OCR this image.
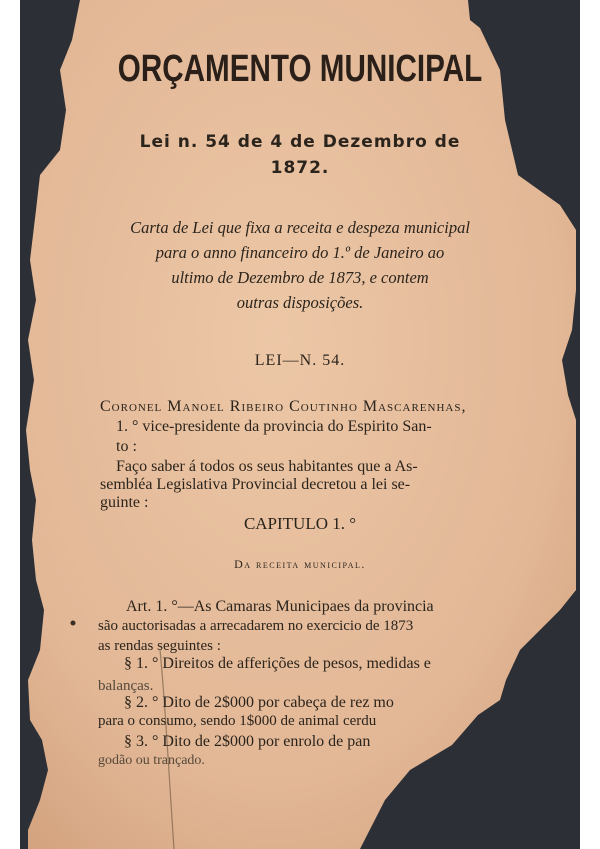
ORÇAMENTO MUNICIPAL
Lei n. 54 de 4 de Dezembro de
1872.
Carta de Lei que fixa a receita e despeza municipal
para o anno financeiro do 1.º de Janeiro ao
ultimo de Dezembro de 1873, e contem
outras disposições.
LEI—N. 54.
Coronel Manoel Ribeiro Coutinho Mascarenhas,
1. ° vice-presidente da provincia do Espirito San-
to :
Faço saber á todos os seus habitantes que a As-
sembléa Legislativa Provincial decretou a lei se-
guinte :
CAPITULO 1. °
Da receita municipal.
Art. 1. °—As Camaras Municipaes da provincia
são auctorisadas a arrecadarem no exercicio de 1873
as rendas seguintes :
§ 1. ° Direitos de afferições de pesos, medidas e
balanças.
§ 2. ° Dito de 2$000 por cabeça de rez mo
para o consumo, sendo 1$000 de animal cerdu
§ 3. ° Dito de 2$000 por enrolo de pan
godão ou trançado.
